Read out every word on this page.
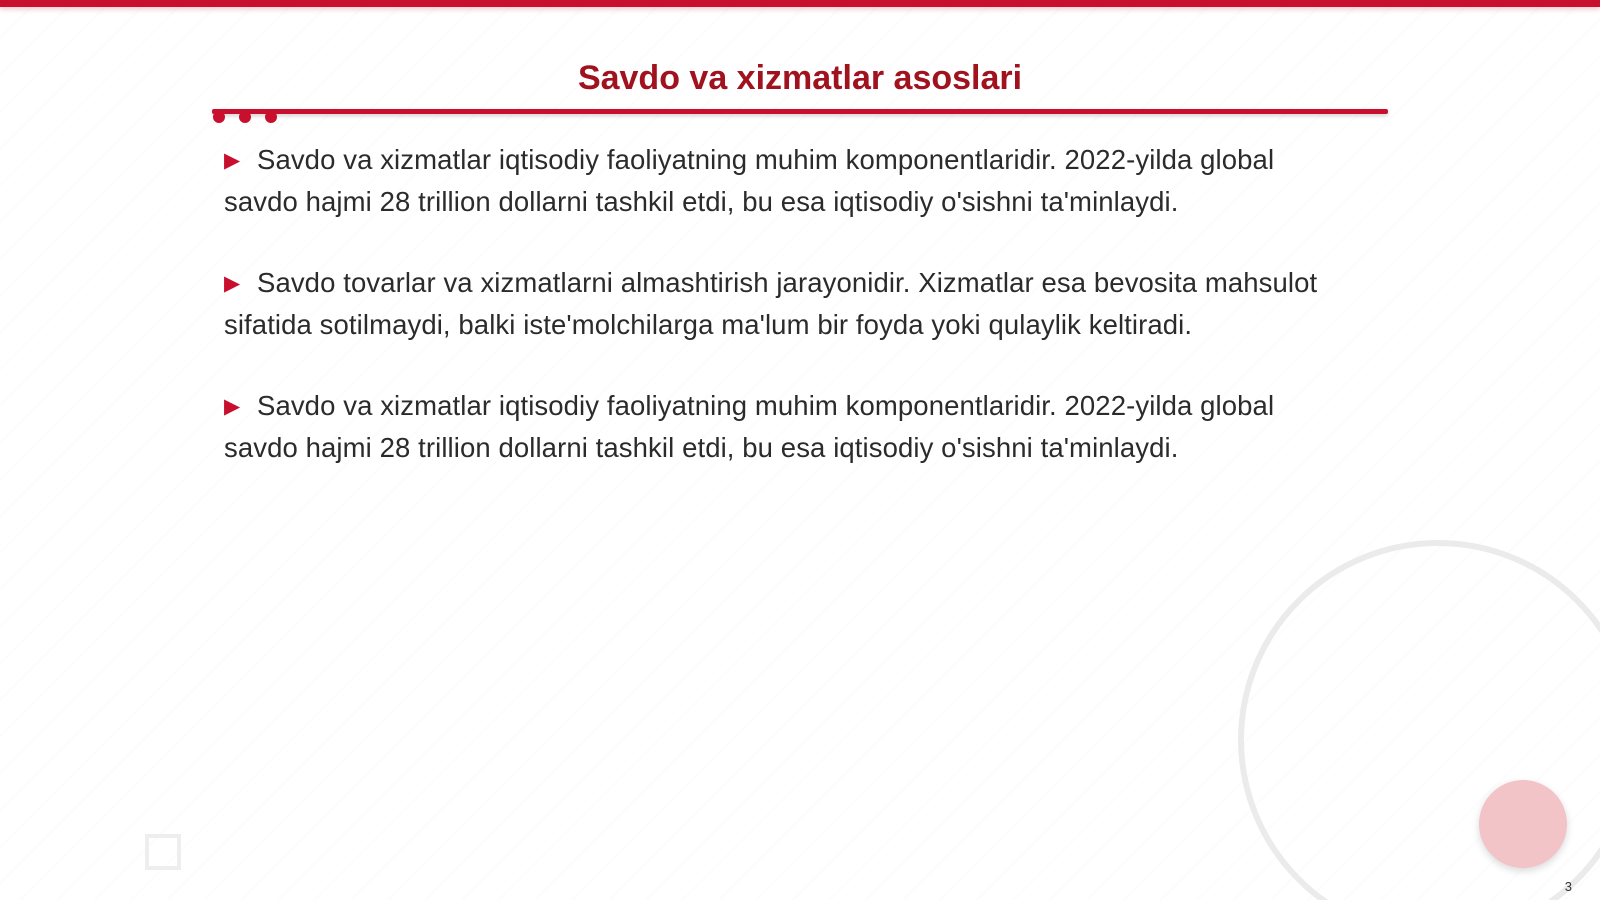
Savdo va xizmatlar asoslari

▶ Savdo va xizmatlar iqtisodiy faoliyatning muhim komponentlaridir. 2022-yilda global savdo hajmi 28 trillion dollarni tashkil etdi, bu esa iqtisodiy o'sishni ta'minlaydi.

▶ Savdo tovarlar va xizmatlarni almashtirish jarayonidir. Xizmatlar esa bevosita mahsulot sifatida sotilmaydi, balki iste'molchilarga ma'lum bir foyda yoki qulaylik keltiradi.

▶ Savdo va xizmatlar iqtisodiy faoliyatning muhim komponentlaridir. 2022-yilda global savdo hajmi 28 trillion dollarni tashkil etdi, bu esa iqtisodiy o'sishni ta'minlaydi.

3
